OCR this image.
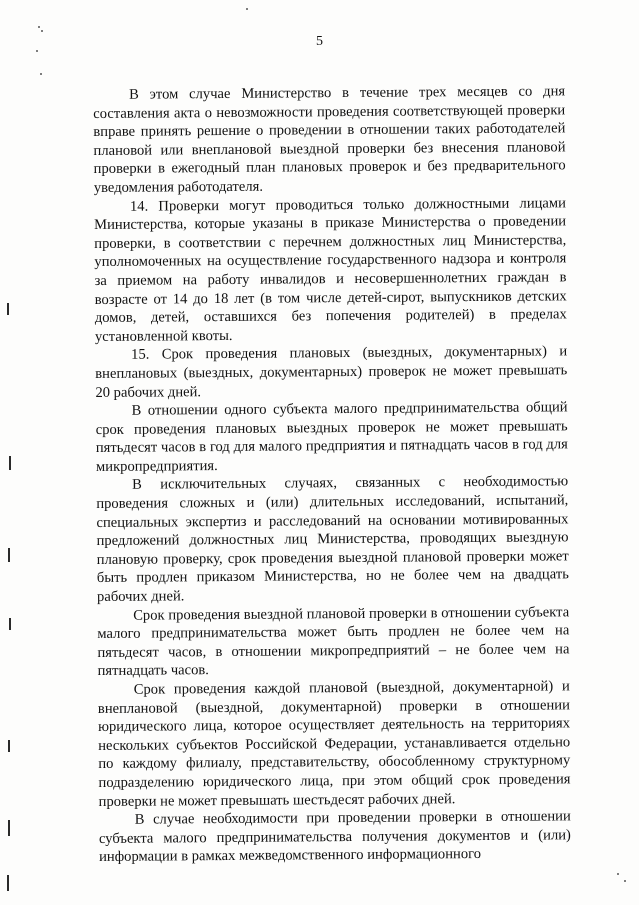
5

В этом случае Министерство в течение трех месяцев со дня составления акта о невозможности проведения соответствующей проверки вправе принять решение о проведении в отношении таких работодателей плановой или внеплановой выездной проверки без внесения плановой проверки в ежегодный план плановых проверок и без предварительного уведомления работодателя.

14. Проверки могут проводиться только должностными лицами Министерства, которые указаны в приказе Министерства о проведении проверки, в соответствии с перечнем должностных лиц Министерства, уполномоченных на осуществление государственного надзора и контроля за приемом на работу инвалидов и несовершеннолетних граждан в возрасте от 14 до 18 лет (в том числе детей-сирот, выпускников детских домов, детей, оставшихся без попечения родителей) в пределах установленной квоты.

15. Срок проведения плановых (выездных, документарных) и внеплановых (выездных, документарных) проверок не может превышать 20 рабочих дней.

В отношении одного субъекта малого предпринимательства общий срок проведения плановых выездных проверок не может превышать пятьдесят часов в год для малого предприятия и пятнадцать часов в год для микропредприятия.

В исключительных случаях, связанных с необходимостью проведения сложных и (или) длительных исследований, испытаний, специальных экспертиз и расследований на основании мотивированных предложений должностных лиц Министерства, проводящих выездную плановую проверку, срок проведения выездной плановой проверки может быть продлен приказом Министерства, но не более чем на двадцать рабочих дней.

Срок проведения выездной плановой проверки в отношении субъекта малого предпринимательства может быть продлен не более чем на пятьдесят часов, в отношении микропредприятий – не более чем на пятнадцать часов.

Срок проведения каждой плановой (выездной, документарной) и внеплановой (выездной, документарной) проверки в отношении юридического лица, которое осуществляет деятельность на территориях нескольких субъектов Российской Федерации, устанавливается отдельно по каждому филиалу, представительству, обособленному структурному подразделению юридического лица, при этом общий срок проведения проверки не может превышать шестьдесят рабочих дней.

В случае необходимости при проведении проверки в отношении субъекта малого предпринимательства получения документов и (или) информации в рамках межведомственного информационного
